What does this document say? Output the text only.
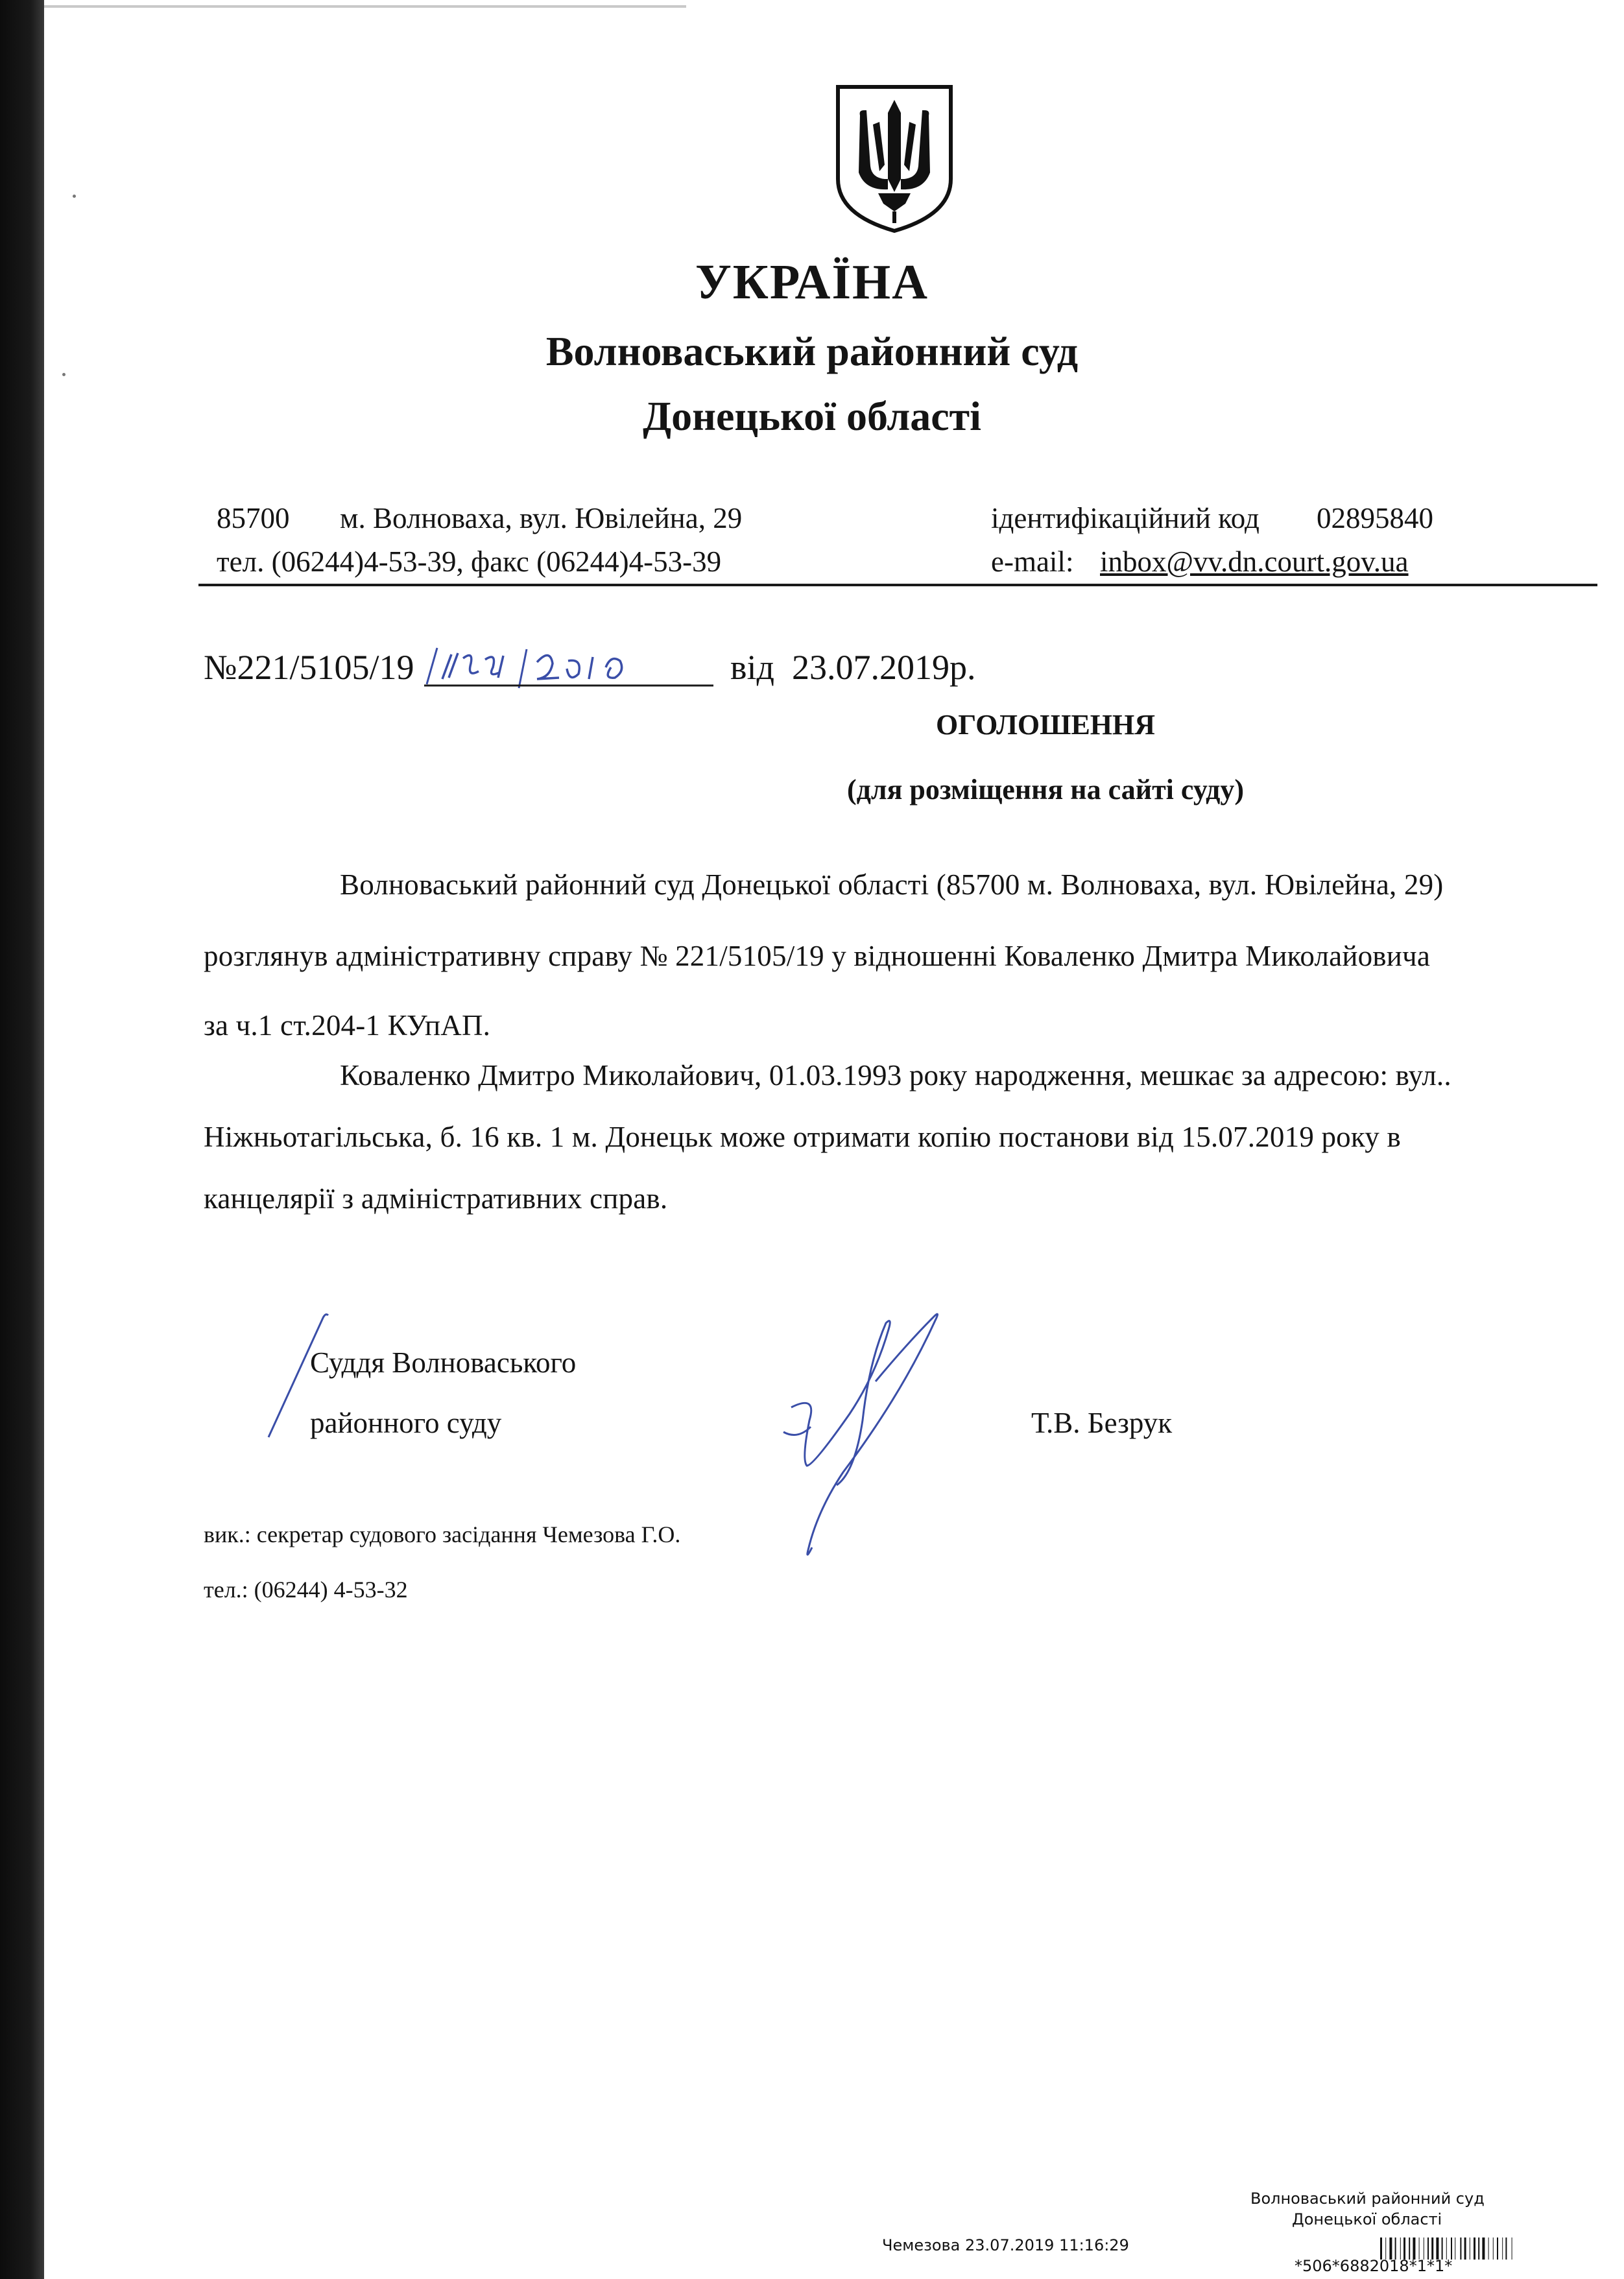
УКРАЇНА
Волноваський районний суд
Донецької області
85700 м. Волноваха, вул. Ювілейна, 29
тел. (06244)4-53-39, факс (06244)4-53-39
ідентифікаційний код 02895840
e-mail: inbox@vv.dn.court.gov.ua
№221/5105/19	від 23.07.2019р.
ОГОЛОШЕННЯ
(для розміщення на сайті суду)
Волноваський районний суд Донецької області (85700 м. Волноваха, вул. Ювілейна, 29)
розглянув адміністративну справу № 221/5105/19 у відношенні Коваленко Дмитра Миколайовича
за ч.1 ст.204-1 КУпАП.
Коваленко Дмитро Миколайович, 01.03.1993 року народження, мешкає за адресою: вул..
Ніжньотагільська, б. 16 кв. 1 м. Донецьк може отримати копію постанови від 15.07.2019 року в
канцелярії з адміністративних справ.
Суддя Волноваського
районного суду	Т.В. Безрук
вик.: секретар судового засідання Чемезова Г.О.
тел.: (06244) 4-53-32
Волноваський районний суд
Донецької області
Чемезова 23.07.2019 11:16:29
*506*6882018*1*1*
